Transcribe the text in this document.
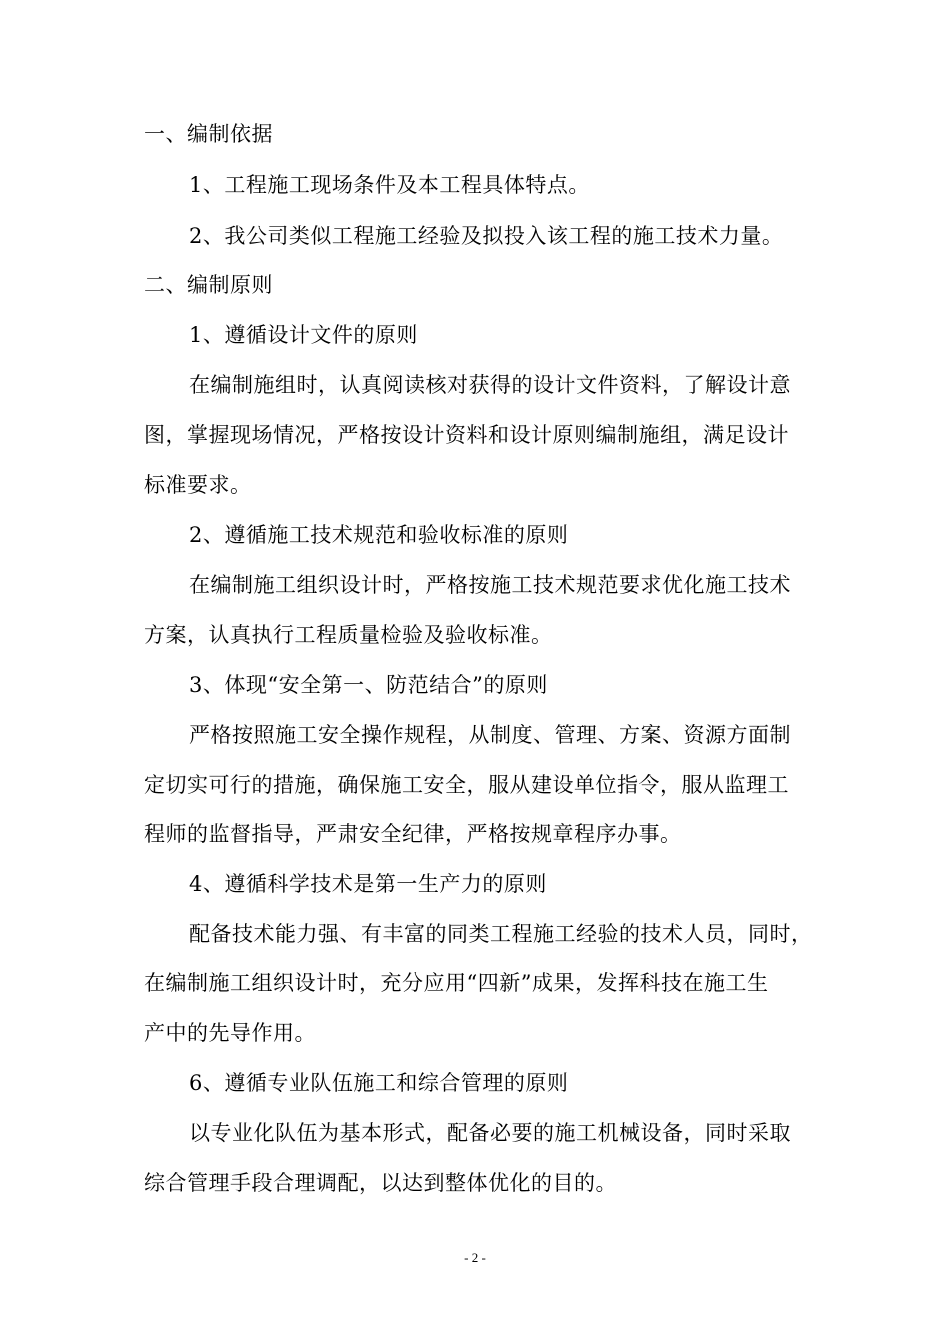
一、编制依据
1、工程施工现场条件及本工程具体特点。
2、我公司类似工程施工经验及拟投入该工程的施工技术力量。
二、编制原则
1、遵循设计文件的原则
在编制施组时，认真阅读核对获得的设计文件资料，了解设计意
图，掌握现场情况，严格按设计资料和设计原则编制施组，满足设计
标准要求。
2、遵循施工技术规范和验收标准的原则
在编制施工组织设计时，严格按施工技术规范要求优化施工技术
方案，认真执行工程质量检验及验收标准。
3、体现“安全第一、防范结合”的原则
严格按照施工安全操作规程，从制度、管理、方案、资源方面制
定切实可行的措施，确保施工安全，服从建设单位指令，服从监理工
程师的监督指导，严肃安全纪律，严格按规章程序办事。
4、遵循科学技术是第一生产力的原则
配备技术能力强、有丰富的同类工程施工经验的技术人员，同时，
在编制施工组织设计时，充分应用“四新”成果，发挥科技在施工生
产中的先导作用。
6、遵循专业队伍施工和综合管理的原则
以专业化队伍为基本形式，配备必要的施工机械设备，同时采取
综合管理手段合理调配，以达到整体优化的目的。
- 2 -
